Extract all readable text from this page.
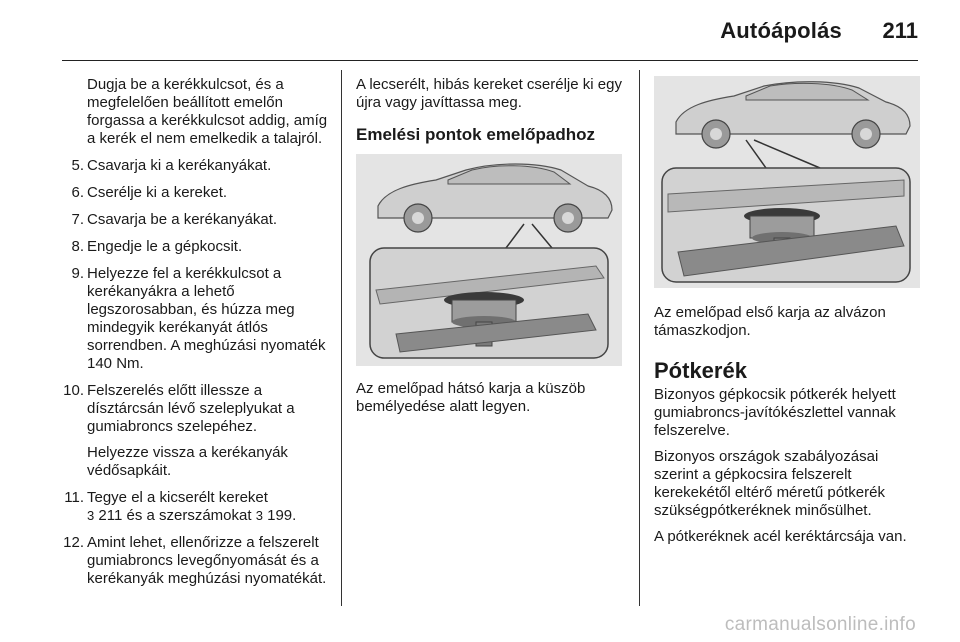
Autóápolás 211
Dugja be a kerékkulcsot, és a megfelelően beállított emelőn forgassa a kerékkulcsot addig, amíg a kerék el nem emelkedik a talajról.
5. Csavarja ki a kerékanyákat.
6. Cserélje ki a kereket.
7. Csavarja be a kerékanyákat.
8. Engedje le a gépkocsit.
9. Helyezze fel a kerékkulcsot a kerékanyákra a lehető legszorosabban, és húzza meg mindegyik kerékanyát átlós sorrendben. A meghúzási nyomaték 140 Nm.
10. Felszerelés előtt illessze a dísztárcsán lévő szeleplyukat a gumiabroncs szelepéhez.

Helyezze vissza a kerékanyák védősapkáit.

11. Tegye el a kicserélt kereket
3 211 és a szerszámokat 3 199.
12. Amint lehet, ellenőrizze a felszerelt gumiabroncs levegőnyomását és a kerékanyák meghúzási nyomatékát.

A lecserélt, hibás kereket cserélje ki egy újra vagy javíttassa meg.

Emelési pontok emelőpadhoz

Az emelőpad hátsó karja a küszöb bemélyedése alatt legyen.

Az emelőpad első karja az alvázon támaszkodjon.

Pótkerék

Bizonyos gépkocsik pótkerék helyett gumiabroncs-javítókészlettel vannak felszerelve.

Bizonyos országok szabályozásai szerint a gépkocsira felszerelt kerekekétől eltérő méretű pótkerék szükségpótkeréknek minősülhet.

A pótkeréknek acél keréktárcsája van.

carmanualsonline.info
